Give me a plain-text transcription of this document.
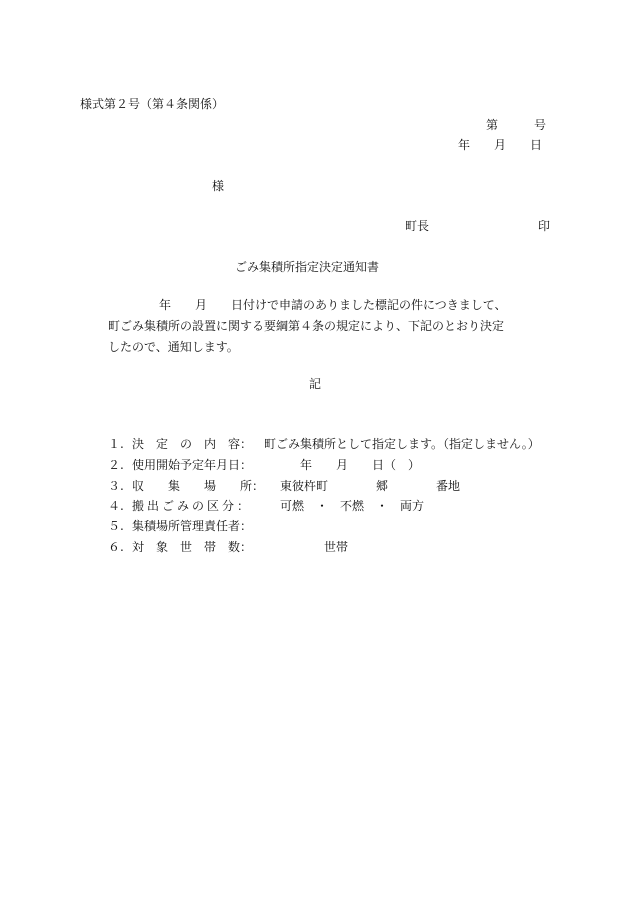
様式第２号（第４条関係）
第　　　号
年　　月　　日
様
町長	印
ごみ集積所指定決定通知書
年　　月　　日付けで申請のありました標記の件につきまして、
町ごみ集積所の設置に関する要綱第４条の規定により、下記のとおり決定
したので、通知します。
記
１. 決　定　の　内　容： 町ごみ集積所として指定します。（指定しません。）
２. 使用開始予定年月日： 　　　年　　月　　日（　）
３. 収　　集　　場　　所： 東彼杵町　　　　郷　　　　番地
４. 搬出ごみの区分： 可燃　・　不燃　・　両方
５. 集積場所管理責任者：
６. 対　象　世　帯　数： 　　　　　世帯
